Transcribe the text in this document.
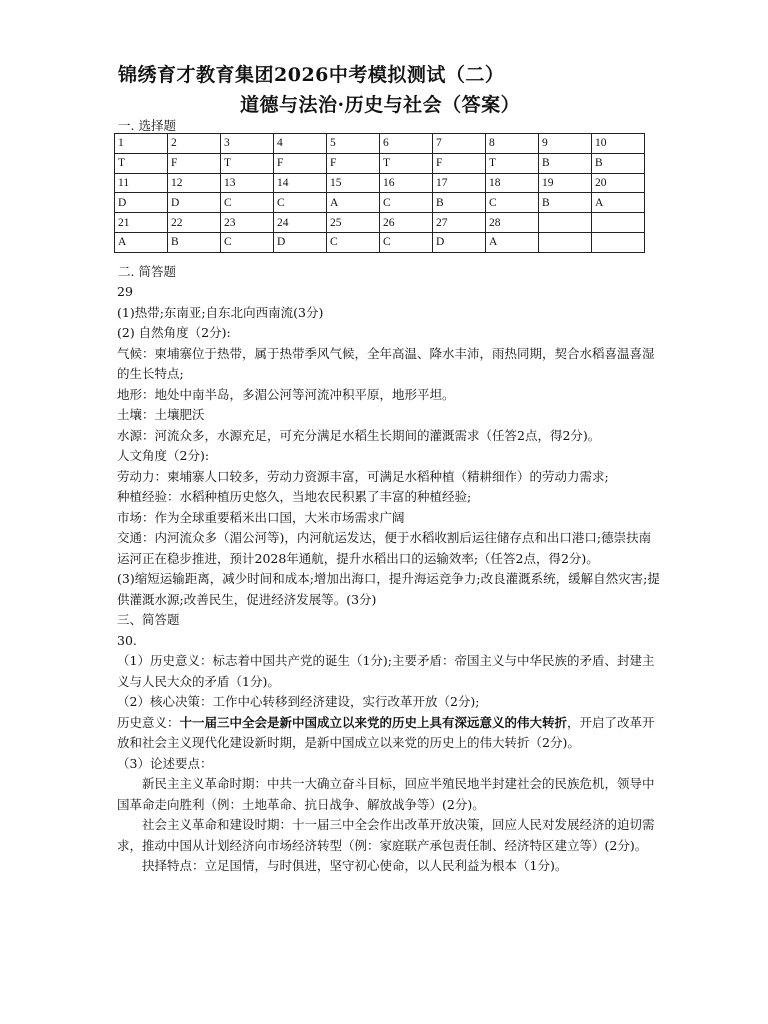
锦绣育才教育集团2026中考模拟测试（二）
道德与法治·历史与社会（答案）
一. 选择题
1	2	3	4	5	6	7	8	9	10
T	F	T	F	F	T	F	T	B	B
11	12	13	14	15	16	17	18	19	20
D	D	C	C	A	C	B	C	B	A
21	22	23	24	25	26	27	28		
A	B	C	D	C	C	D	A		
二. 简答题

29

(1)热带;东南亚;自东北向西南流(3分)

(2) 自然角度（2分):

气候：柬埔寨位于热带，属于热带季风气候，全年高温、降水丰沛，雨热同期，契合水稻喜温喜湿的生长特点;

地形：地处中南半岛，多湄公河等河流冲积平原，地形平坦。

土壤：土壤肥沃

水源：河流众多，水源充足，可充分满足水稻生长期间的灌溉需求（任答2点，得2分)。

人文角度（2分):

劳动力：柬埔寨人口较多，劳动力资源丰富，可满足水稻种植（精耕细作）的劳动力需求;

种植经验：水稻种植历史悠久，当地农民积累了丰富的种植经验;

市场：作为全球重要稻米出口国，大米市场需求广阔

交通：内河流众多（湄公河等)，内河航运发达，便于水稻收割后运往储存点和出口港口;德崇扶南运河正在稳步推进，预计2028年通航，提升水稻出口的运输效率;（任答2点，得2分)。

(3)缩短运输距离，减少时间和成本;增加出海口，提升海运竞争力;改良灌溉系统，缓解自然灾害;提供灌溉水源;改善民生，促进经济发展等。(3分)

三、简答题

30.

（1）历史意义：标志着中国共产党的诞生（1分);主要矛盾：帝国主义与中华民族的矛盾、封建主义与人民大众的矛盾（1分)。

（2）核心决策：工作中心转移到经济建设，实行改革开放（2分);

历史意义：十一届三中全会是新中国成立以来党的历史上具有深远意义的伟大转折，开启了改革开放和社会主义现代化建设新时期，是新中国成立以来党的历史上的伟大转折（2分)。

（3）论述要点：

新民主主义革命时期：中共一大确立奋斗目标，回应半殖民地半封建社会的民族危机，领导中国革命走向胜利（例：土地革命、抗日战争、解放战争等）(2分)。

社会主义革命和建设时期：十一届三中全会作出改革开放决策，回应人民对发展经济的迫切需求，推动中国从计划经济向市场经济转型（例：家庭联产承包责任制、经济特区建立等）(2分)。

抉择特点：立足国情，与时俱进，坚守初心使命，以人民利益为根本（1分)。
